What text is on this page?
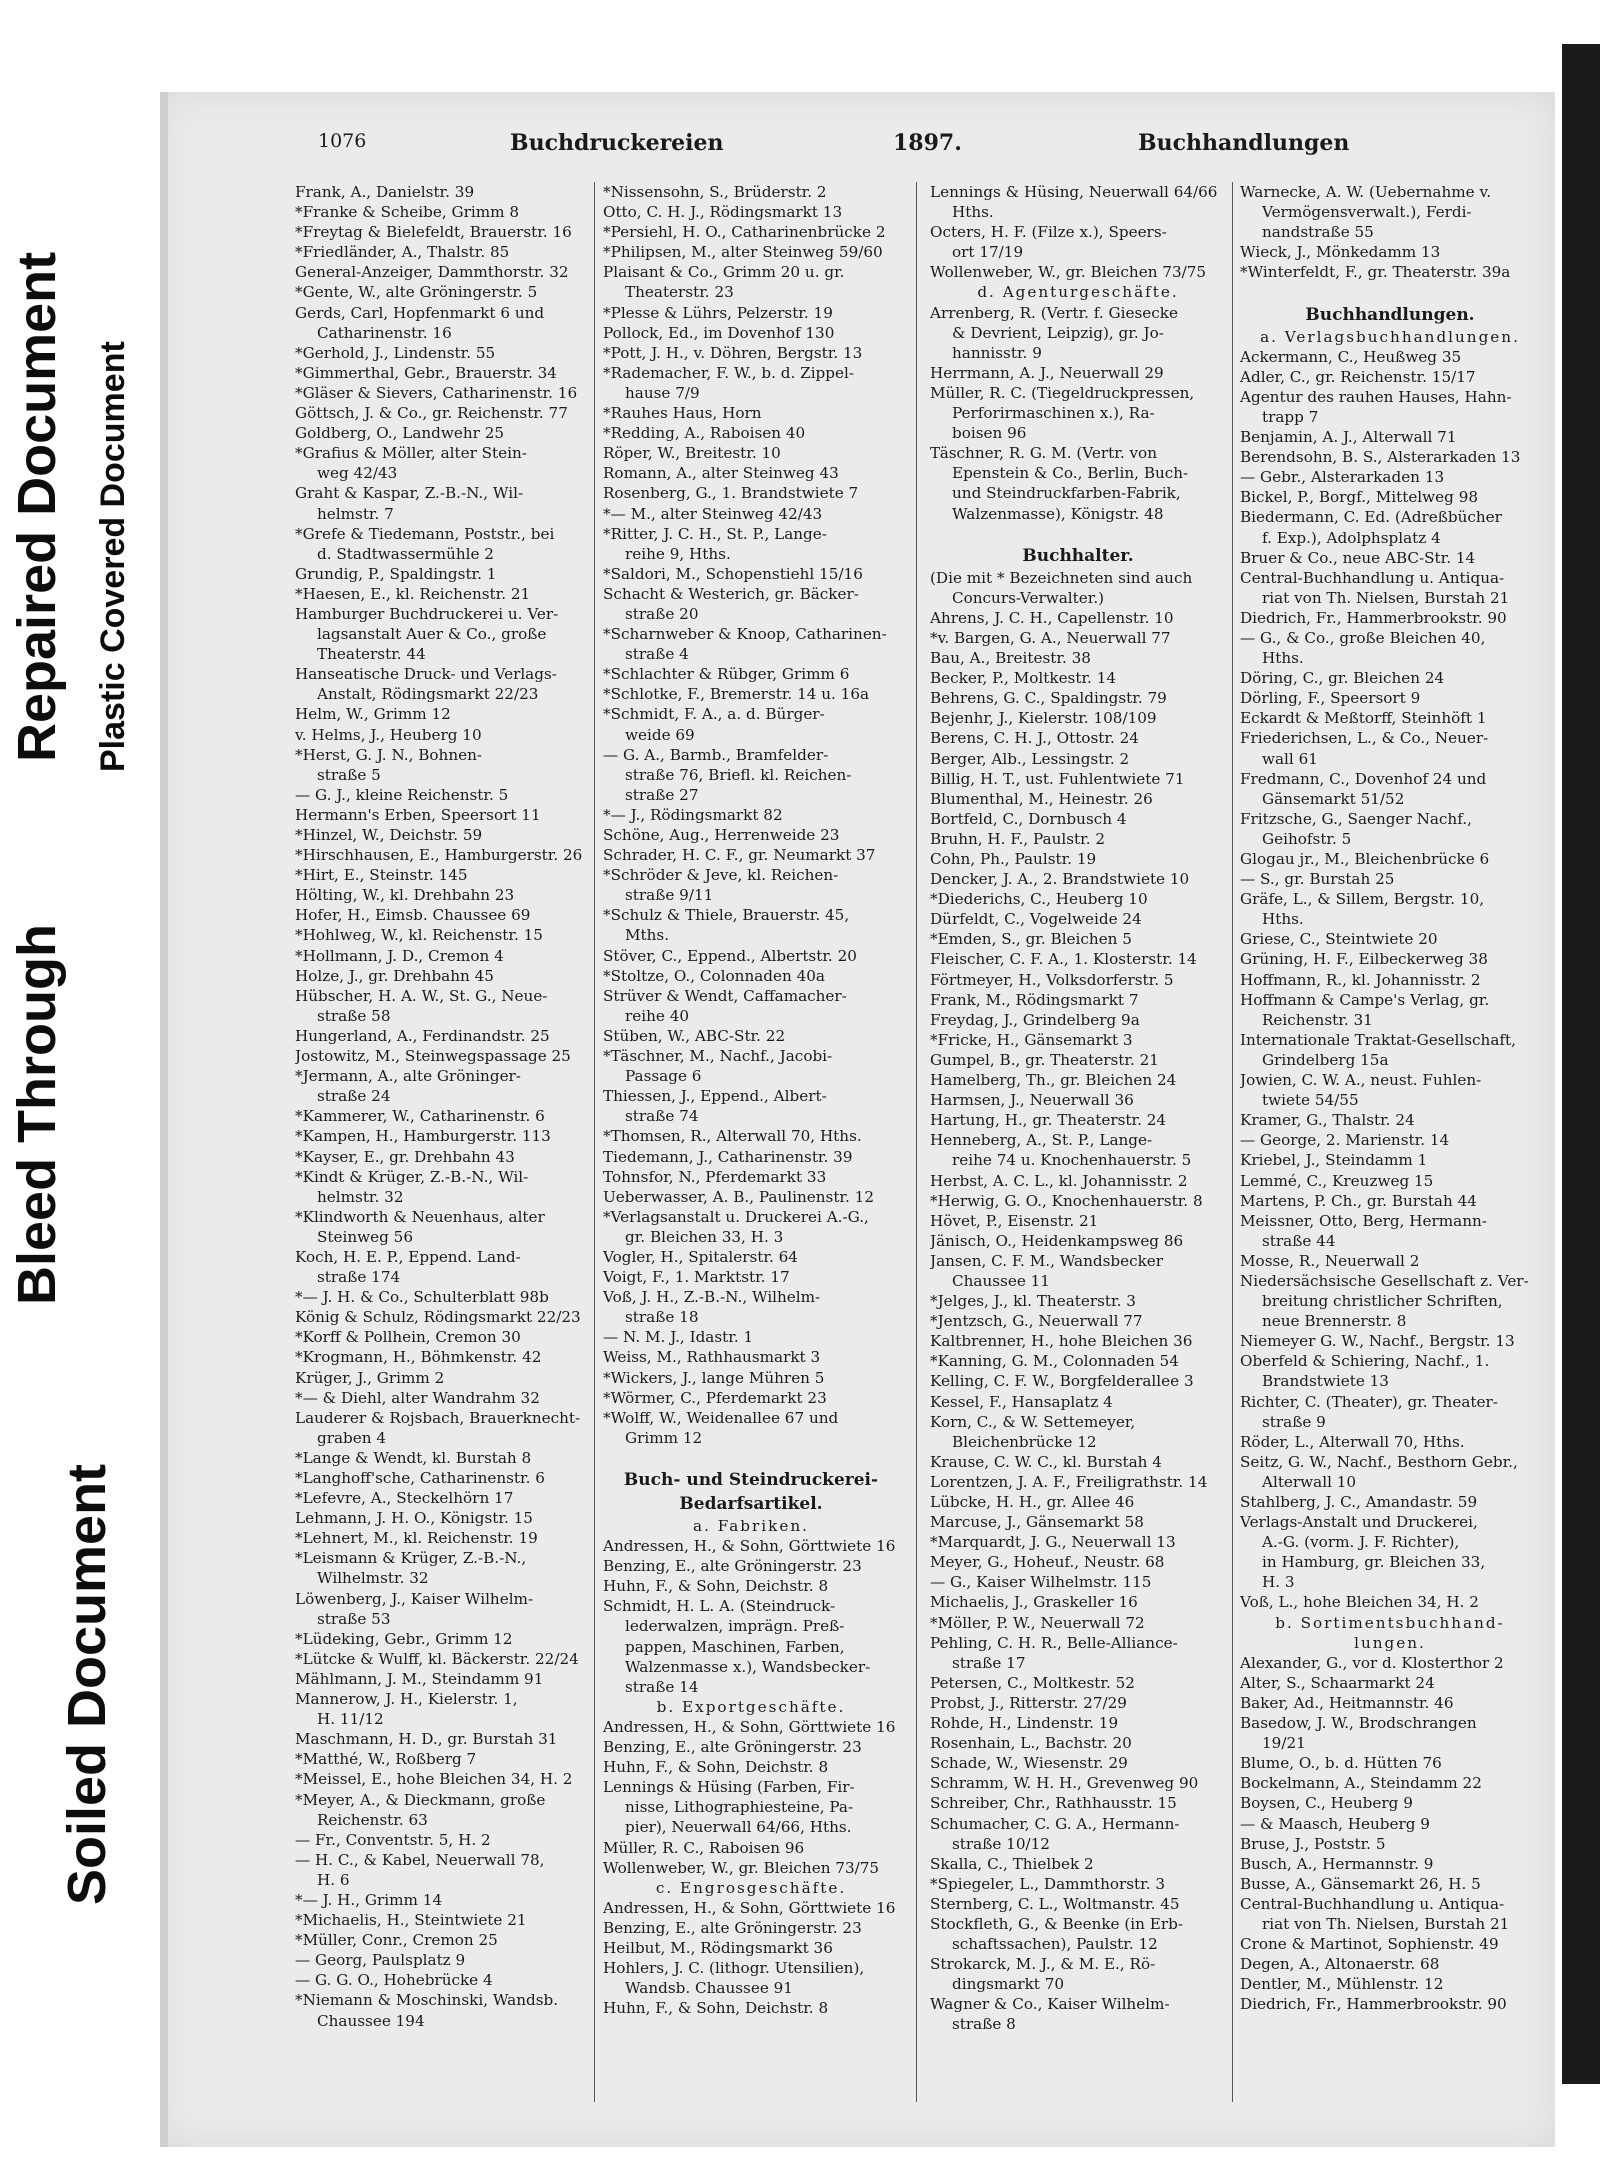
Bleed Through
Repaired Document Plastic Covered Document
Soiled Document
1076	Buchdruckereien	1897.	Buchhandlungen
Frank, A., Danielstr. 39
*Franke & Scheibe, Grimm 8
*Freytag & Bielefeldt, Brauerstr. 16
*Friedländer, A., Thalstr. 85
General-Anzeiger, Dammthorstr. 32
*Gente, W., alte Gröningerstr. 5
Gerds, Carl, Hopfenmarkt 6 und
Catharinenstr. 16
*Gerhold, J., Lindenstr. 55
*Gimmerthal, Gebr., Brauerstr. 34
*Gläser & Sievers, Catharinenstr. 16
Göttsch, J. & Co., gr. Reichenstr. 77
Goldberg, O., Landwehr 25
*Grafius & Möller, alter Stein-
weg 42/43
Graht & Kaspar, Z.-B.-N., Wil-
helmstr. 7
*Grefe & Tiedemann, Poststr., bei
d. Stadtwassermühle 2
Grundig, P., Spaldingstr. 1
*Haesen, E., kl. Reichenstr. 21
Hamburger Buchdruckerei u. Ver-
lagsanstalt Auer & Co., große
Theaterstr. 44
Hanseatische Druck- und Verlags-
Anstalt, Rödingsmarkt 22/23
Helm, W., Grimm 12
v. Helms, J., Heuberg 10
*Herst, G. J. N., Bohnen-
straße 5
— G. J., kleine Reichenstr. 5
Hermann's Erben, Speersort 11
*Hinzel, W., Deichstr. 59
*Hirschhausen, E., Hamburgerstr. 26
*Hirt, E., Steinstr. 145
Hölting, W., kl. Drehbahn 23
Hofer, H., Eimsb. Chaussee 69
*Hohlweg, W., kl. Reichenstr. 15
*Hollmann, J. D., Cremon 4
Holze, J., gr. Drehbahn 45
Hübscher, H. A. W., St. G., Neue-
straße 58
Hungerland, A., Ferdinandstr. 25
Jostowitz, M., Steinwegspassage 25
*Jermann, A., alte Gröninger-
straße 24
*Kammerer, W., Catharinenstr. 6
*Kampen, H., Hamburgerstr. 113
*Kayser, E., gr. Drehbahn 43
*Kindt & Krüger, Z.-B.-N., Wil-
helmstr. 32
*Klindworth & Neuenhaus, alter
Steinweg 56
Koch, H. E. P., Eppend. Land-
straße 174
*— J. H. & Co., Schulterblatt 98b
König & Schulz, Rödingsmarkt 22/23
*Korff & Pollhein, Cremon 30
*Krogmann, H., Böhmkenstr. 42
Krüger, J., Grimm 2
*— & Diehl, alter Wandrahm 32
Lauderer & Rojsbach, Brauerknecht-
graben 4
*Lange & Wendt, kl. Burstah 8
*Langhoff'sche, Catharinenstr. 6
*Lefevre, A., Steckelhörn 17
Lehmann, J. H. O., Königstr. 15
*Lehnert, M., kl. Reichenstr. 19
*Leismann & Krüger, Z.-B.-N.,
Wilhelmstr. 32
Löwenberg, J., Kaiser Wilhelm-
straße 53
*Lüdeking, Gebr., Grimm 12
*Lütcke & Wulff, kl. Bäckerstr. 22/24
Mählmann, J. M., Steindamm 91
Mannerow, J. H., Kielerstr. 1,
H. 11/12
Maschmann, H. D., gr. Burstah 31
*Matthé, W., Roßberg 7
*Meissel, E., hohe Bleichen 34, H. 2
*Meyer, A., & Dieckmann, große
Reichenstr. 63
— Fr., Conventstr. 5, H. 2
— H. C., & Kabel, Neuerwall 78,
H. 6
*— J. H., Grimm 14
*Michaelis, H., Steintwiete 21
*Müller, Conr., Cremon 25
— Georg, Paulsplatz 9
— G. G. O., Hohebrücke 4
*Niemann & Moschinski, Wandsb.
Chaussee 194
*Nissensohn, S., Brüderstr. 2
Otto, C. H. J., Rödingsmarkt 13
*Persiehl, H. O., Catharinenbrücke 2
*Philipsen, M., alter Steinweg 59/60
Plaisant & Co., Grimm 20 u. gr.
Theaterstr. 23
*Plesse & Lührs, Pelzerstr. 19
Pollock, Ed., im Dovenhof 130
*Pott, J. H., v. Döhren, Bergstr. 13
*Rademacher, F. W., b. d. Zippel-
hause 7/9
*Rauhes Haus, Horn
*Redding, A., Raboisen 40
Röper, W., Breitestr. 10
Romann, A., alter Steinweg 43
Rosenberg, G., 1. Brandstwiete 7
*— M., alter Steinweg 42/43
*Ritter, J. C. H., St. P., Lange-
reihe 9, Hths.
*Saldori, M., Schopenstiehl 15/16
Schacht & Westerich, gr. Bäcker-
straße 20
*Scharnweber & Knoop, Catharinen-
straße 4
*Schlachter & Rübger, Grimm 6
*Schlotke, F., Bremerstr. 14 u. 16a
*Schmidt, F. A., a. d. Bürger-
weide 69
— G. A., Barmb., Bramfelder-
straße 76, Briefl. kl. Reichen-
straße 27
*— J., Rödingsmarkt 82
Schöne, Aug., Herrenweide 23
Schrader, H. C. F., gr. Neumarkt 37
*Schröder & Jeve, kl. Reichen-
straße 9/11
*Schulz & Thiele, Brauerstr. 45,
Mths.
Stöver, C., Eppend., Albertstr. 20
*Stoltze, O., Colonnaden 40a
Strüver & Wendt, Caffamacher-
reihe 40
Stüben, W., ABC-Str. 22
*Täschner, M., Nachf., Jacobi-
Passage 6
Thiessen, J., Eppend., Albert-
straße 74
*Thomsen, R., Alterwall 70, Hths.
Tiedemann, J., Catharinenstr. 39
Tohnsfor, N., Pferdemarkt 33
Ueberwasser, A. B., Paulinenstr. 12
*Verlagsanstalt u. Druckerei A.-G.,
gr. Bleichen 33, H. 3
Vogler, H., Spitalerstr. 64
Voigt, F., 1. Marktstr. 17
Voß, J. H., Z.-B.-N., Wilhelm-
straße 18
— N. M. J., Idastr. 1
Weiss, M., Rathhausmarkt 3
*Wickers, J., lange Mühren 5
*Wörmer, C., Pferdemarkt 23
*Wolff, W., Weidenallee 67 und
Grimm 12
Buch- und Steindruckerei-
Bedarfsartikel.
a. Fabriken.
Andressen, H., & Sohn, Görttwiete 16
Benzing, E., alte Gröningerstr. 23
Huhn, F., & Sohn, Deichstr. 8
Schmidt, H. L. A. (Steindruck-
lederwalzen, imprägn. Preß-
pappen, Maschinen, Farben,
Walzenmasse x.), Wandsbecker-
straße 14
b. Exportgeschäfte.
Andressen, H., & Sohn, Görttwiete 16
Benzing, E., alte Gröningerstr. 23
Huhn, F., & Sohn, Deichstr. 8
Lennings & Hüsing (Farben, Fir-
nisse, Lithographiesteine, Pa-
pier), Neuerwall 64/66, Hths.
Müller, R. C., Raboisen 96
Wollenweber, W., gr. Bleichen 73/75
c. Engrosgeschäfte.
Andressen, H., & Sohn, Görttwiete 16
Benzing, E., alte Gröningerstr. 23
Heilbut, M., Rödingsmarkt 36
Hohlers, J. C. (lithogr. Utensilien),
Wandsb. Chaussee 91
Huhn, F., & Sohn, Deichstr. 8
Lennings & Hüsing, Neuerwall 64/66
Hths.
Octers, H. F. (Filze x.), Speers-
ort 17/19
Wollenweber, W., gr. Bleichen 73/75
d. Agenturgeschäfte.
Arrenberg, R. (Vertr. f. Giesecke
& Devrient, Leipzig), gr. Jo-
hannisstr. 9
Herrmann, A. J., Neuerwall 29
Müller, R. C. (Tiegeldruckpressen,
Perforirmaschinen x.), Ra-
boisen 96
Täschner, R. G. M. (Vertr. von
Epenstein & Co., Berlin, Buch-
und Steindruckfarben-Fabrik,
Walzenmasse), Königstr. 48
Buchhalter.
(Die mit * Bezeichneten sind auch
Concurs-Verwalter.)
Ahrens, J. C. H., Capellenstr. 10
*v. Bargen, G. A., Neuerwall 77
Bau, A., Breitestr. 38
Becker, P., Moltkestr. 14
Behrens, G. C., Spaldingstr. 79
Bejenhr, J., Kielerstr. 108/109
Berens, C. H. J., Ottostr. 24
Berger, Alb., Lessingstr. 2
Billig, H. T., ust. Fuhlentwiete 71
Blumenthal, M., Heinestr. 26
Bortfeld, C., Dornbusch 4
Bruhn, H. F., Paulstr. 2
Cohn, Ph., Paulstr. 19
Dencker, J. A., 2. Brandstwiete 10
*Diederichs, C., Heuberg 10
Dürfeldt, C., Vogelweide 24
*Emden, S., gr. Bleichen 5
Fleischer, C. F. A., 1. Klosterstr. 14
Förtmeyer, H., Volksdorferstr. 5
Frank, M., Rödingsmarkt 7
Freydag, J., Grindelberg 9a
*Fricke, H., Gänsemarkt 3
Gumpel, B., gr. Theaterstr. 21
Hamelberg, Th., gr. Bleichen 24
Harmsen, J., Neuerwall 36
Hartung, H., gr. Theaterstr. 24
Henneberg, A., St. P., Lange-
reihe 74 u. Knochenhauerstr. 5
Herbst, A. C. L., kl. Johannisstr. 2
*Herwig, G. O., Knochenhauerstr. 8
Hövet, P., Eisenstr. 21
Jänisch, O., Heidenkampsweg 86
Jansen, C. F. M., Wandsbecker
Chaussee 11
*Jelges, J., kl. Theaterstr. 3
*Jentzsch, G., Neuerwall 77
Kaltbrenner, H., hohe Bleichen 36
*Kanning, G. M., Colonnaden 54
Kelling, C. F. W., Borgfelderallee 3
Kessel, F., Hansaplatz 4
Korn, C., & W. Settemeyer,
Bleichenbrücke 12
Krause, C. W. C., kl. Burstah 4
Lorentzen, J. A. F., Freiligrathstr. 14
Lübcke, H. H., gr. Allee 46
Marcuse, J., Gänsemarkt 58
*Marquardt, J. G., Neuerwall 13
Meyer, G., Hoheuf., Neustr. 68
— G., Kaiser Wilhelmstr. 115
Michaelis, J., Graskeller 16
*Möller, P. W., Neuerwall 72
Pehling, C. H. R., Belle-Alliance-
straße 17
Petersen, C., Moltkestr. 52
Probst, J., Ritterstr. 27/29
Rohde, H., Lindenstr. 19
Rosenhain, L., Bachstr. 20
Schade, W., Wiesenstr. 29
Schramm, W. H. H., Grevenweg 90
Schreiber, Chr., Rathhausstr. 15
Schumacher, C. G. A., Hermann-
straße 10/12
Skalla, C., Thielbek 2
*Spiegeler, L., Dammthorstr. 3
Sternberg, C. L., Woltmanstr. 45
Stockfleth, G., & Beenke (in Erb-
schaftssachen), Paulstr. 12
Strokarck, M. J., & M. E., Rö-
dingsmarkt 70
Wagner & Co., Kaiser Wilhelm-
straße 8
Warnecke, A. W. (Uebernahme v.
Vermögensverwalt.), Ferdi-
nandstraße 55
Wieck, J., Mönkedamm 13
*Winterfeldt, F., gr. Theaterstr. 39a
Buchhandlungen.
a. Verlagsbuchhandlungen.
Ackermann, C., Heußweg 35
Adler, C., gr. Reichenstr. 15/17
Agentur des rauhen Hauses, Hahn-
trapp 7
Benjamin, A. J., Alterwall 71
Berendsohn, B. S., Alsterarkaden 13
— Gebr., Alsterarkaden 13
Bickel, P., Borgf., Mittelweg 98
Biedermann, C. Ed. (Adreßbücher
f. Exp.), Adolphsplatz 4
Bruer & Co., neue ABC-Str. 14
Central-Buchhandlung u. Antiqua-
riat von Th. Nielsen, Burstah 21
Diedrich, Fr., Hammerbrookstr. 90
— G., & Co., große Bleichen 40,
Hths.
Döring, C., gr. Bleichen 24
Dörling, F., Speersort 9
Eckardt & Meßtorff, Steinhöft 1
Friederichsen, L., & Co., Neuer-
wall 61
Fredmann, C., Dovenhof 24 und
Gänsemarkt 51/52
Fritzsche, G., Saenger Nachf.,
Geihofstr. 5
Glogau jr., M., Bleichenbrücke 6
— S., gr. Burstah 25
Gräfe, L., & Sillem, Bergstr. 10,
Hths.
Griese, C., Steintwiete 20
Grüning, H. F., Eilbeckerweg 38
Hoffmann, R., kl. Johannisstr. 2
Hoffmann & Campe's Verlag, gr.
Reichenstr. 31
Internationale Traktat-Gesellschaft,
Grindelberg 15a
Jowien, C. W. A., neust. Fuhlen-
twiete 54/55
Kramer, G., Thalstr. 24
— George, 2. Marienstr. 14
Kriebel, J., Steindamm 1
Lemmé, C., Kreuzweg 15
Martens, P. Ch., gr. Burstah 44
Meissner, Otto, Berg, Hermann-
straße 44
Mosse, R., Neuerwall 2
Niedersächsische Gesellschaft z. Ver-
breitung christlicher Schriften,
neue Brennerstr. 8
Niemeyer G. W., Nachf., Bergstr. 13
Oberfeld & Schiering, Nachf., 1.
Brandstwiete 13
Richter, C. (Theater), gr. Theater-
straße 9
Röder, L., Alterwall 70, Hths.
Seitz, G. W., Nachf., Besthorn Gebr.,
Alterwall 10
Stahlberg, J. C., Amandastr. 59
Verlags-Anstalt und Druckerei,
A.-G. (vorm. J. F. Richter),
in Hamburg, gr. Bleichen 33,
H. 3
Voß, L., hohe Bleichen 34, H. 2
b. Sortimentsbuchhand-
lungen.
Alexander, G., vor d. Klosterthor 2
Alter, S., Schaarmarkt 24
Baker, Ad., Heitmannstr. 46
Basedow, J. W., Brodschrangen
19/21
Blume, O., b. d. Hütten 76
Bockelmann, A., Steindamm 22
Boysen, C., Heuberg 9
— & Maasch, Heuberg 9
Bruse, J., Poststr. 5
Busch, A., Hermannstr. 9
Busse, A., Gänsemarkt 26, H. 5
Central-Buchhandlung u. Antiqua-
riat von Th. Nielsen, Burstah 21
Crone & Martinot, Sophienstr. 49
Degen, A., Altonaerstr. 68
Dentler, M., Mühlenstr. 12
Diedrich, Fr., Hammerbrookstr. 90
